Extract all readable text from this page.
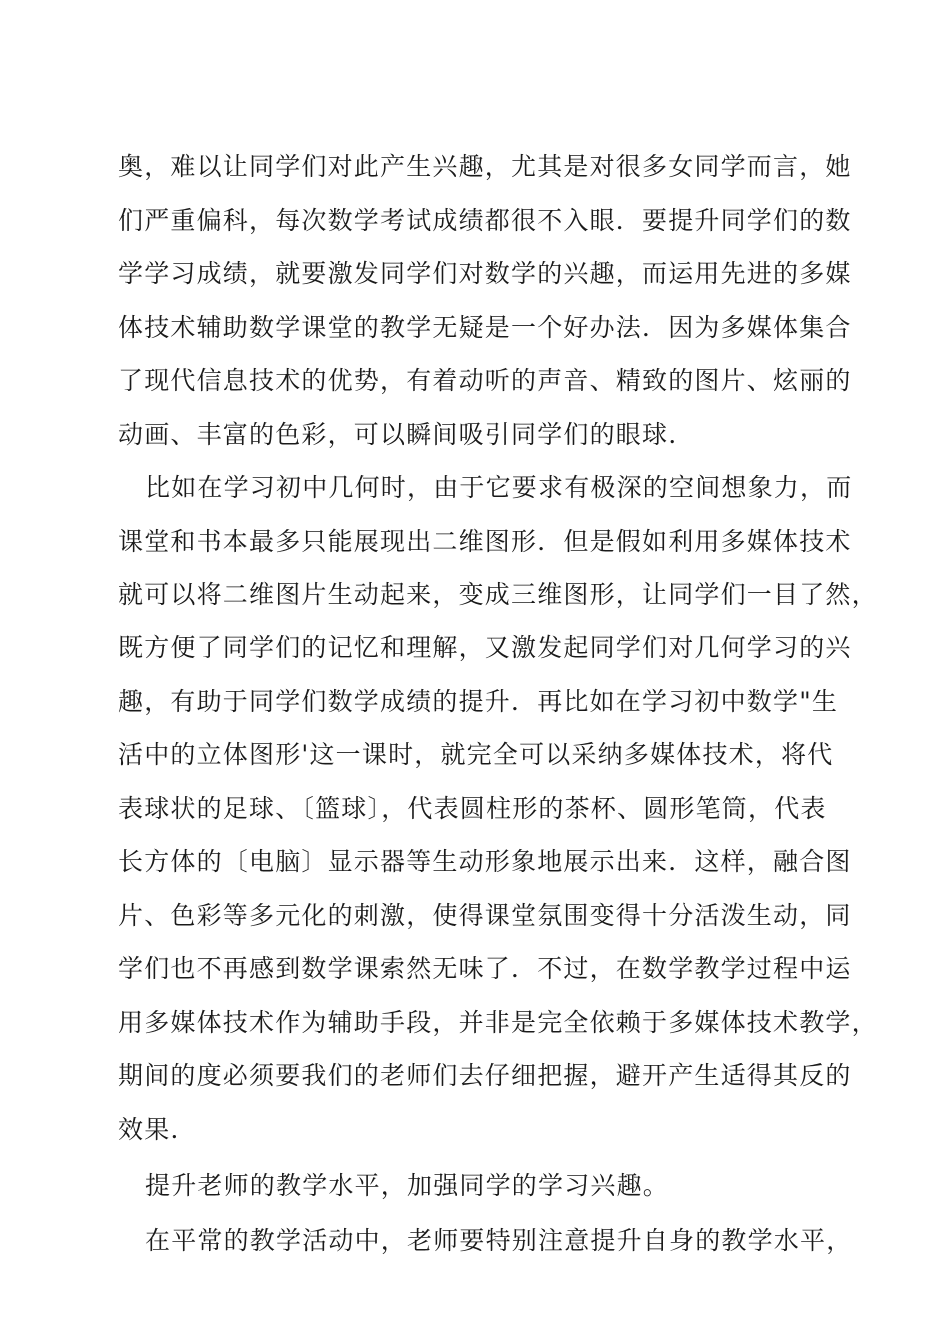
奥，难以让同学们对此产生兴趣，尤其是对很多女同学而言，她
们严重偏科，每次数学考试成绩都很不入眼．要提升同学们的数
学学习成绩，就要激发同学们对数学的兴趣，而运用先进的多媒
体技术辅助数学课堂的教学无疑是一个好办法．因为多媒体集合
了现代信息技术的优势，有着动听的声音、精致的图片、炫丽的
动画、丰富的色彩，可以瞬间吸引同学们的眼球.
比如在学习初中几何时，由于它要求有极深的空间想象力，而
课堂和书本最多只能展现出二维图形．但是假如利用多媒体技术
就可以将二维图片生动起来，变成三维图形，让同学们一目了然，
既方便了同学们的记忆和理解，又激发起同学们对几何学习的兴
趣，有助于同学们数学成绩的提升．再比如在学习初中数学"生
活中的立体图形'这一课时，就完全可以采纳多媒体技术，将代
表球状的足球、〔篮球〕，代表圆柱形的茶杯、圆形笔筒，代表
长方体的〔电脑〕显示器等生动形象地展示出来．这样，融合图
片、色彩等多元化的刺激，使得课堂氛围变得十分活泼生动，同
学们也不再感到数学课索然无味了．不过，在数学教学过程中运
用多媒体技术作为辅助手段，并非是完全依赖于多媒体技术教学，
期间的度必须要我们的老师们去仔细把握，避开产生适得其反的
效果.
提升老师的教学水平，加强同学的学习兴趣。
在平常的教学活动中，老师要特别注意提升自身的教学水平，
